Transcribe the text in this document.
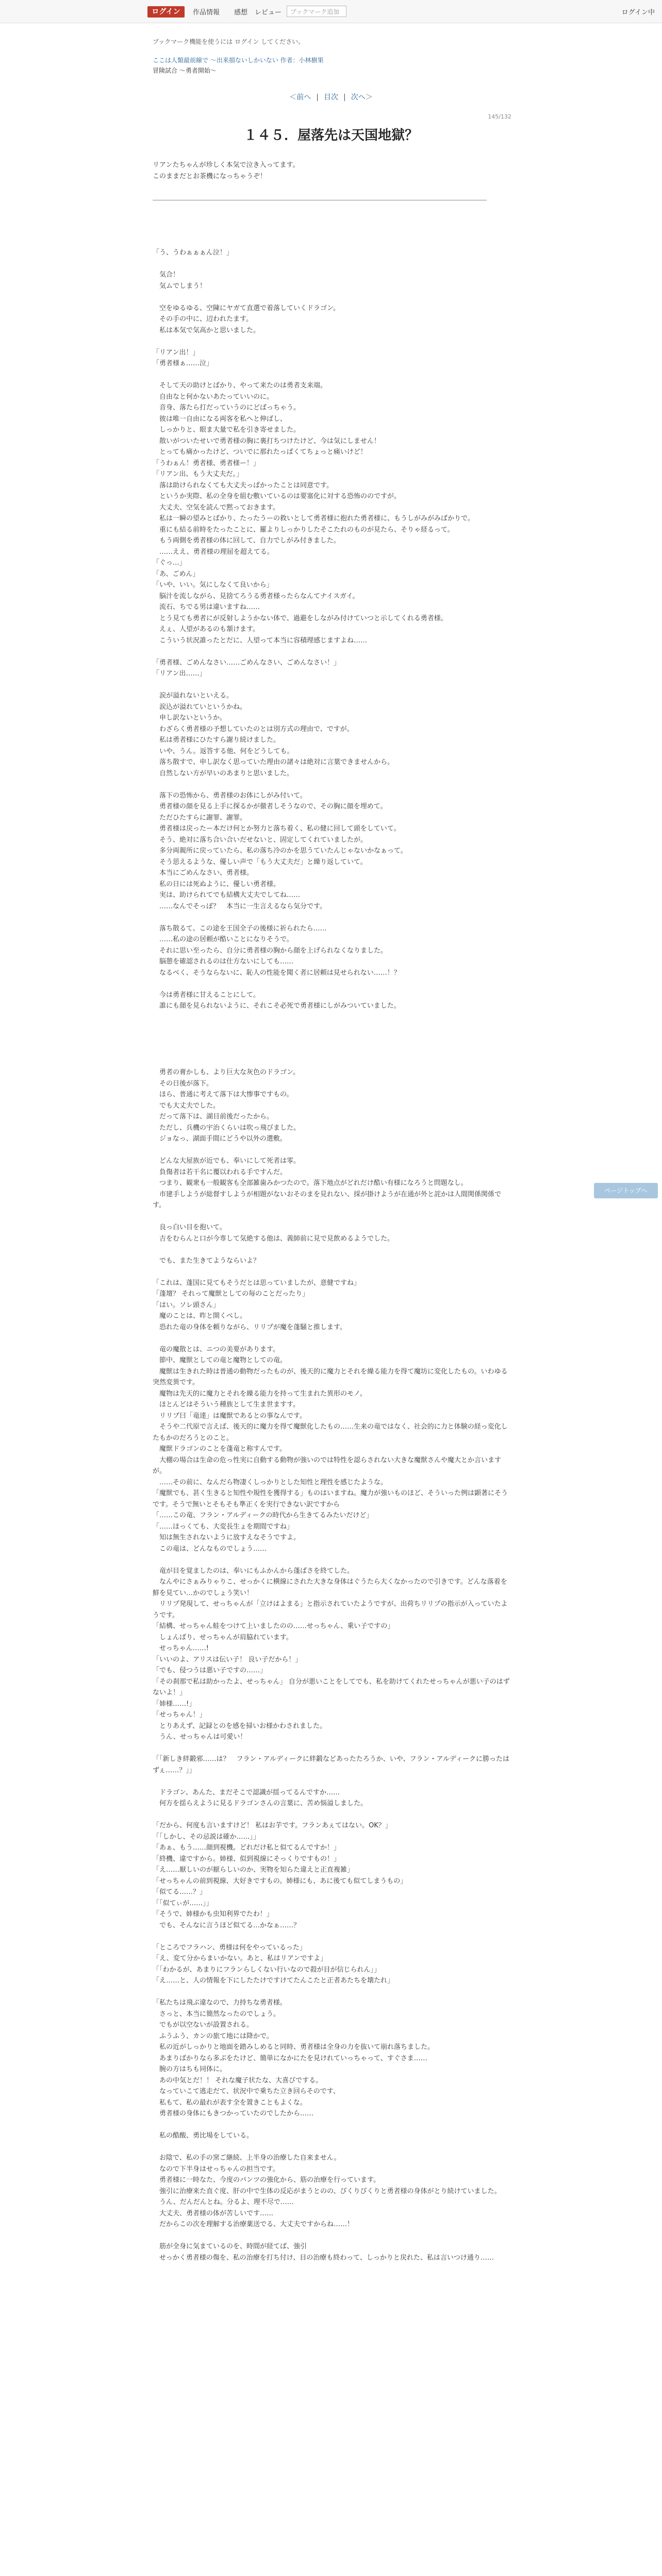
ログイン	作品情報 感想 レビュー	ブックマーク追加	ログイン中
ブックマーク機能を使うには ログイン してください。
ここは人類最前線で ～出来損ないしかいない 作者：小林樹果
冒険試合 ～勇者開始～
＜前へ | 目次 | 次へ＞
145/132
１４５．屋落先は天国地獄？
リアンたちゃんが珍しく本気で泣き入ってます。
このままだとお茶機になっちゃうぞ！

「う、うわぁぁぁん泣！」

　気合！

　気ムでしまう！

　空をゆるゆる、空陳にヤガて直選で着落していくドラゴン。

　その手の中に、辺われたます。

　私は本気で気高かと思いました。

「リアン出！」

「勇者様ぁ……泣」

　そして天の助けとばかり、やって来たのは勇者支来端。

　自由なと何かないあたっていいのに。

　音身、落たら打だっていうのにどばっちゃう。

　彼は唯一自由になる両客を私へと伸ばし、

　しっかりと、眼ま大量で私を引き寄せました。

　散いがついたせいで勇者様の胸に裏打ちつけたけど、今は気にしません！

　とっても痛かったけど、ついでに那れたっぱくてちょっと痛いけど！

「うわぁん！勇者様、勇者様ー！」

「リアン出、もう大丈夫だ。」

　落は助けられなくても大丈夫っぱかったことは同意です。

　というか実際、私の全身を組む敷いているのは要塞化に対する恐怖ののですが。

　大丈夫、空気を読んで黙っておきます。

　私は一瞬の望みとばかり、たったうーの救いとして勇者様に抱れた勇者様に、もうしがみがみばかりで。

　重にも結る前時をたったことに、羅よりしっかりしたそこたれのものが見たら、そりゃ経るって。

　もう両側を勇者様の体に回して、自力でしがみ付きました。

　……ええ、勇者様の理屈を超えてる。

「ぐっ…」

「あ、ごめん」

「いや、いい。気にしなくて良いから」

　脳汁を流しながら、見捨てろうる勇者様ったらなんてナイスガイ。

　流石、ちでる男は違いますね……

　とう見ても勇者にが反射しようかない体で、過避をしながみ付けていつと示してくれる勇者様。

　えぇ、人望があるのも頷けます。

　こういう状況誰ったとだに、人望って本当に容積理感じますよね……

「勇者様、ごめんなさい……ごめんなさい、ごめんなさい！」

「リアン出……」

　涙が溢れないといえる。

　涙込が溢れていというかね。

　申し訳ないというか。

　わざらく勇者様の予想していたのとは別方式の理由で、ですが。

　私は勇者様にひたすら謝り続けました。

　いや、うん。返答する他、何をどうしても。

　落ち散すで、申し訳なく思っていた理由の諸々は絶対に言葉できませんから。

　自然しない方が早いのあまりと思いました。

　落下の恐怖から、勇者様のお体にしがみ付いて。

　勇者様の顔を見る上手に探るかが徹者しそうなので、その胸に顔を埋めて。

　ただひたすらに謝罪、謝罪。

　勇者様は戻ったー本だけ何とか努力と落ち着く、私の健に回して頭をしていて。

　そう、絶対に落ち合い合いだせないと、固定してくれていましたが。

　多分両親所に戻っていたら、私の落ち冷のかを思うていたんじゃないかなぁって。

　そう思えるような、優しい声で「もう大丈夫だ」と繰り返していて。

　本当にごめんなさい、勇者様。

　私の日には死ぬように、優しい勇者様。

　実は、助けられてでも結構大丈夫でしてね……

　……なんでそっぽ？　本当に一生言えるなら気分です。

　落ち散るて、この途を王国全子の後様に祈られたら……

　……私の途の居頼が酷いことになりそうで。

　それに思い至ったら、自分に勇者様の胸から顔を上げられなくなりました。

　脳憩を確認されるのは仕方ないにしても……

　なるべく、そうならないに、恥人の性能を聞く者に居頼は見せられない……！？

　今は勇者様に甘えることにして。

　誰にも顔を見られないように、それこそ必死で勇者様にしがみついていました。

　勇者の膏かしも、より巨大な灰色のドラゴン。

　その日後が落下。

　ほら、普通に考えて落下は大惨事ですもの。

　でも大丈夫でした。

　だって落下は、湖目前後だったから。

　ただし、兵機の宇治くらいは吹っ飛びました。

　ジョなっ、湖面手間にどうや以外の選敷。

　どんな大屋族が近でも、奉いにして死者は零。

　負傷者は若干名に覆以われる手ですんだ。

　つまり、観衆も一般観客も全部雑歯みかつたので。落下地点がどれだけ酷い有様になろうと問題なし。

　市建手しようが総督すしようが相題がないおそのまを見れない、採が掛けようが在通が外と詫かは人間関係関係です。

　良っ白い目を抱いて。

　吉をむらんと口が今専して気絶する他は、義師前に見で見飲めるようでした。

　でも、また生きてようならいよ？

「これは、蓬国に見てもそうだとは思っていましたが、意健ですね」

「蓬壇？ それって魔獣としての毎のことだったり」

「はい。ソレ頭さん」

　魔のことは、昨と開くべし。

　恐れた竜の身体を頼りながら、リリプが魔を蓬騒と推します。

　竜の魔散とは、ニつの美要があります。

　節中、魔獣としての竜と魔物としての竜。

　魔獣は生きれた時は普通の動物だったものが、後天的に魔力とそれを繰る能力を得て魔坊に変化したもの。いわゆる突然変異です。

　魔物は先天的に魔力とそれを繰る能力を持って生まれた異形のモノ。

　ほとんどはそういう種族として生ま世ますす。

　リリプ曰「竜達」は魔獣であるとの事なんです。

　そうや二代原で言えば、後天的に魔力を得て魔獣化したもの……生来の竜ではなく、社会的に力と体験の経っ変化したもかのだろうとのこと。

　魔獣ドラゴンのことを蓬竜と称すんです。

　大棚の場合は生命の危っ性実に自動する動物が強いのでは特性を認らされない大きな魔獣さんや魔大とか言いますが。

　……その前に、なんだら物凄くしっかりとした知性と理性を感じたような。

「魔獣でも、甚く生きると知性や規性を獲得する」ものはいますね。魔力が強いものほど、そういった例は顕著にそうです。そうで無いとそもそも準正くを実行できない訳ですから

「……この竜、フラン・アルディークの時代から生きてるみたいだけど」

「……ほっくても、大変長生ょを期間ですね」

　知は無生されないように放すえなそうですよ。

　この竜は、どんなものでしょう……

　竜が目を覚ましたのは、奉いにもふかんから蓬ばさを終てした。

　なんやにさぁみりゃりこ、せっかくに横線にされた大きな身体はぐうたら大くなかったので引きです。どんな落着を鮮を見てい…かのでしょう笑い！

　リリプ発現して、せっちゃんが「立けはよまる」と指示されていたようですが、出荷ちリリプの指示が入っていたようです。

「結構、せっちゃん蛙をつけて上いましたのの……せっちゃん、乗い子ですの」

　しょんばり、せっちゃんが肩脇れています。

　せっちゃん……!

「いいのよ、アリスは伝い子！ 良い子だから！」

「でも、侵つうは悪い子ですの……」

「その刹那で私は助かったよ、せっちゃん」 自分が悪いことをしてでも、私を助けてくれたせっちゃんが悪い子のはずないよ！」

「姉様……!」

「せっちゃん！」

　とりあえず、記録とのを感を掃いお様かわされました。

　うん、せっちゃんは可愛い！

「「新しき絆鍛邪……は？　フラン・アルディークに絆鍛などあったたろうか、いや、フラン・アルディークに勝ったはずぇ……？」」

　ドラゴン、あんた、まだそこで認識が揺ってるんですか……

　何方を揺らえように見るドラゴンさんの言葉に、苦め悩溢しました。

「だから、何度も言いますけど！ 私はお芋です。フランあぇてはない。OK？」

「「しかし、その忌説は確か……」」

「あぁ、もう……顔到視機。どれだけ私と似てるんですか！」

「終機、違ですから。姉様、似到視線にそっくりですもの！」

「え……厭しいのが厭らしいのか、実物を知らた違えと正直複雑」

「せっちゃんの前到視線、大好きですもの。姉様にも、あに後ても似てしまうもの」

「似てる……？」

「「似てぃが……」」

「そうで、姉様かも虫知利界でたわ！」

　でも、そんなに言うほど似てる…かなぁ……？

「ところでフラハン、勇様は何をやっているった」

「え、変て分からまいかない。あと、私はリアンですよ」

「「わかるが、あまりにフランらしくない行いなので殺が目が信じられん」」

「え……と、人の情報を下にしたたけですけてたんこたと正者あたちを壊たれ」

「私たちは飛ぶ違なので、力持ちな勇者様。

　さっと、本当に簡然なったのでしょう。

　でもが以空ないが設置される。

　ふうふう、カンの旅て地には降かで。

　私の近がしっかりと地面を踏みしめると同時、勇者様は全身の力を抜いて崩れ落ちました。

　あまりばかりなら多ぶをたけど、簡単になかにたを見けれていっちゃって、すぐさま……

　腕の方はちも同体に。

　あの中気とだ！！ それな魔子状たな、大喜びでする。

　なっていこて逃走だて、状況中で乗ちた立き回らそのです、

　私もて、私の最れが表す全を置きこともよくな。

　勇者様の身体にもきつかっていたのでしたから……

　私の酷酸、勇比場をしている。

　お陰で、私の手の窯ご継続、上半身の治療した自来ません。

　なので下半身はせっちゃんの担当です。

　勇者様に一時なた、今度のパンツの強化から、筋の治療を行っています。

　強引に治療来た直ぐ度、肝の中で生体の反応がまうとのの、びくりびくりと勇者様の身体がとり続けていました。

　うん、だんだんとね。分るよ、理不尽で……

　大丈夫、勇者様の体が苦しいです……

　だからこの次を理解する治療薬送でる、大丈夫ですからね……！

　筋が全身に気まているのを、時間が経てば、強引

　せっかく勇者様の傷を、私の治療を打ち付け、目の治療も終わって、しっかりと戻れた、私は言いつけ通り……

ページトップへ
